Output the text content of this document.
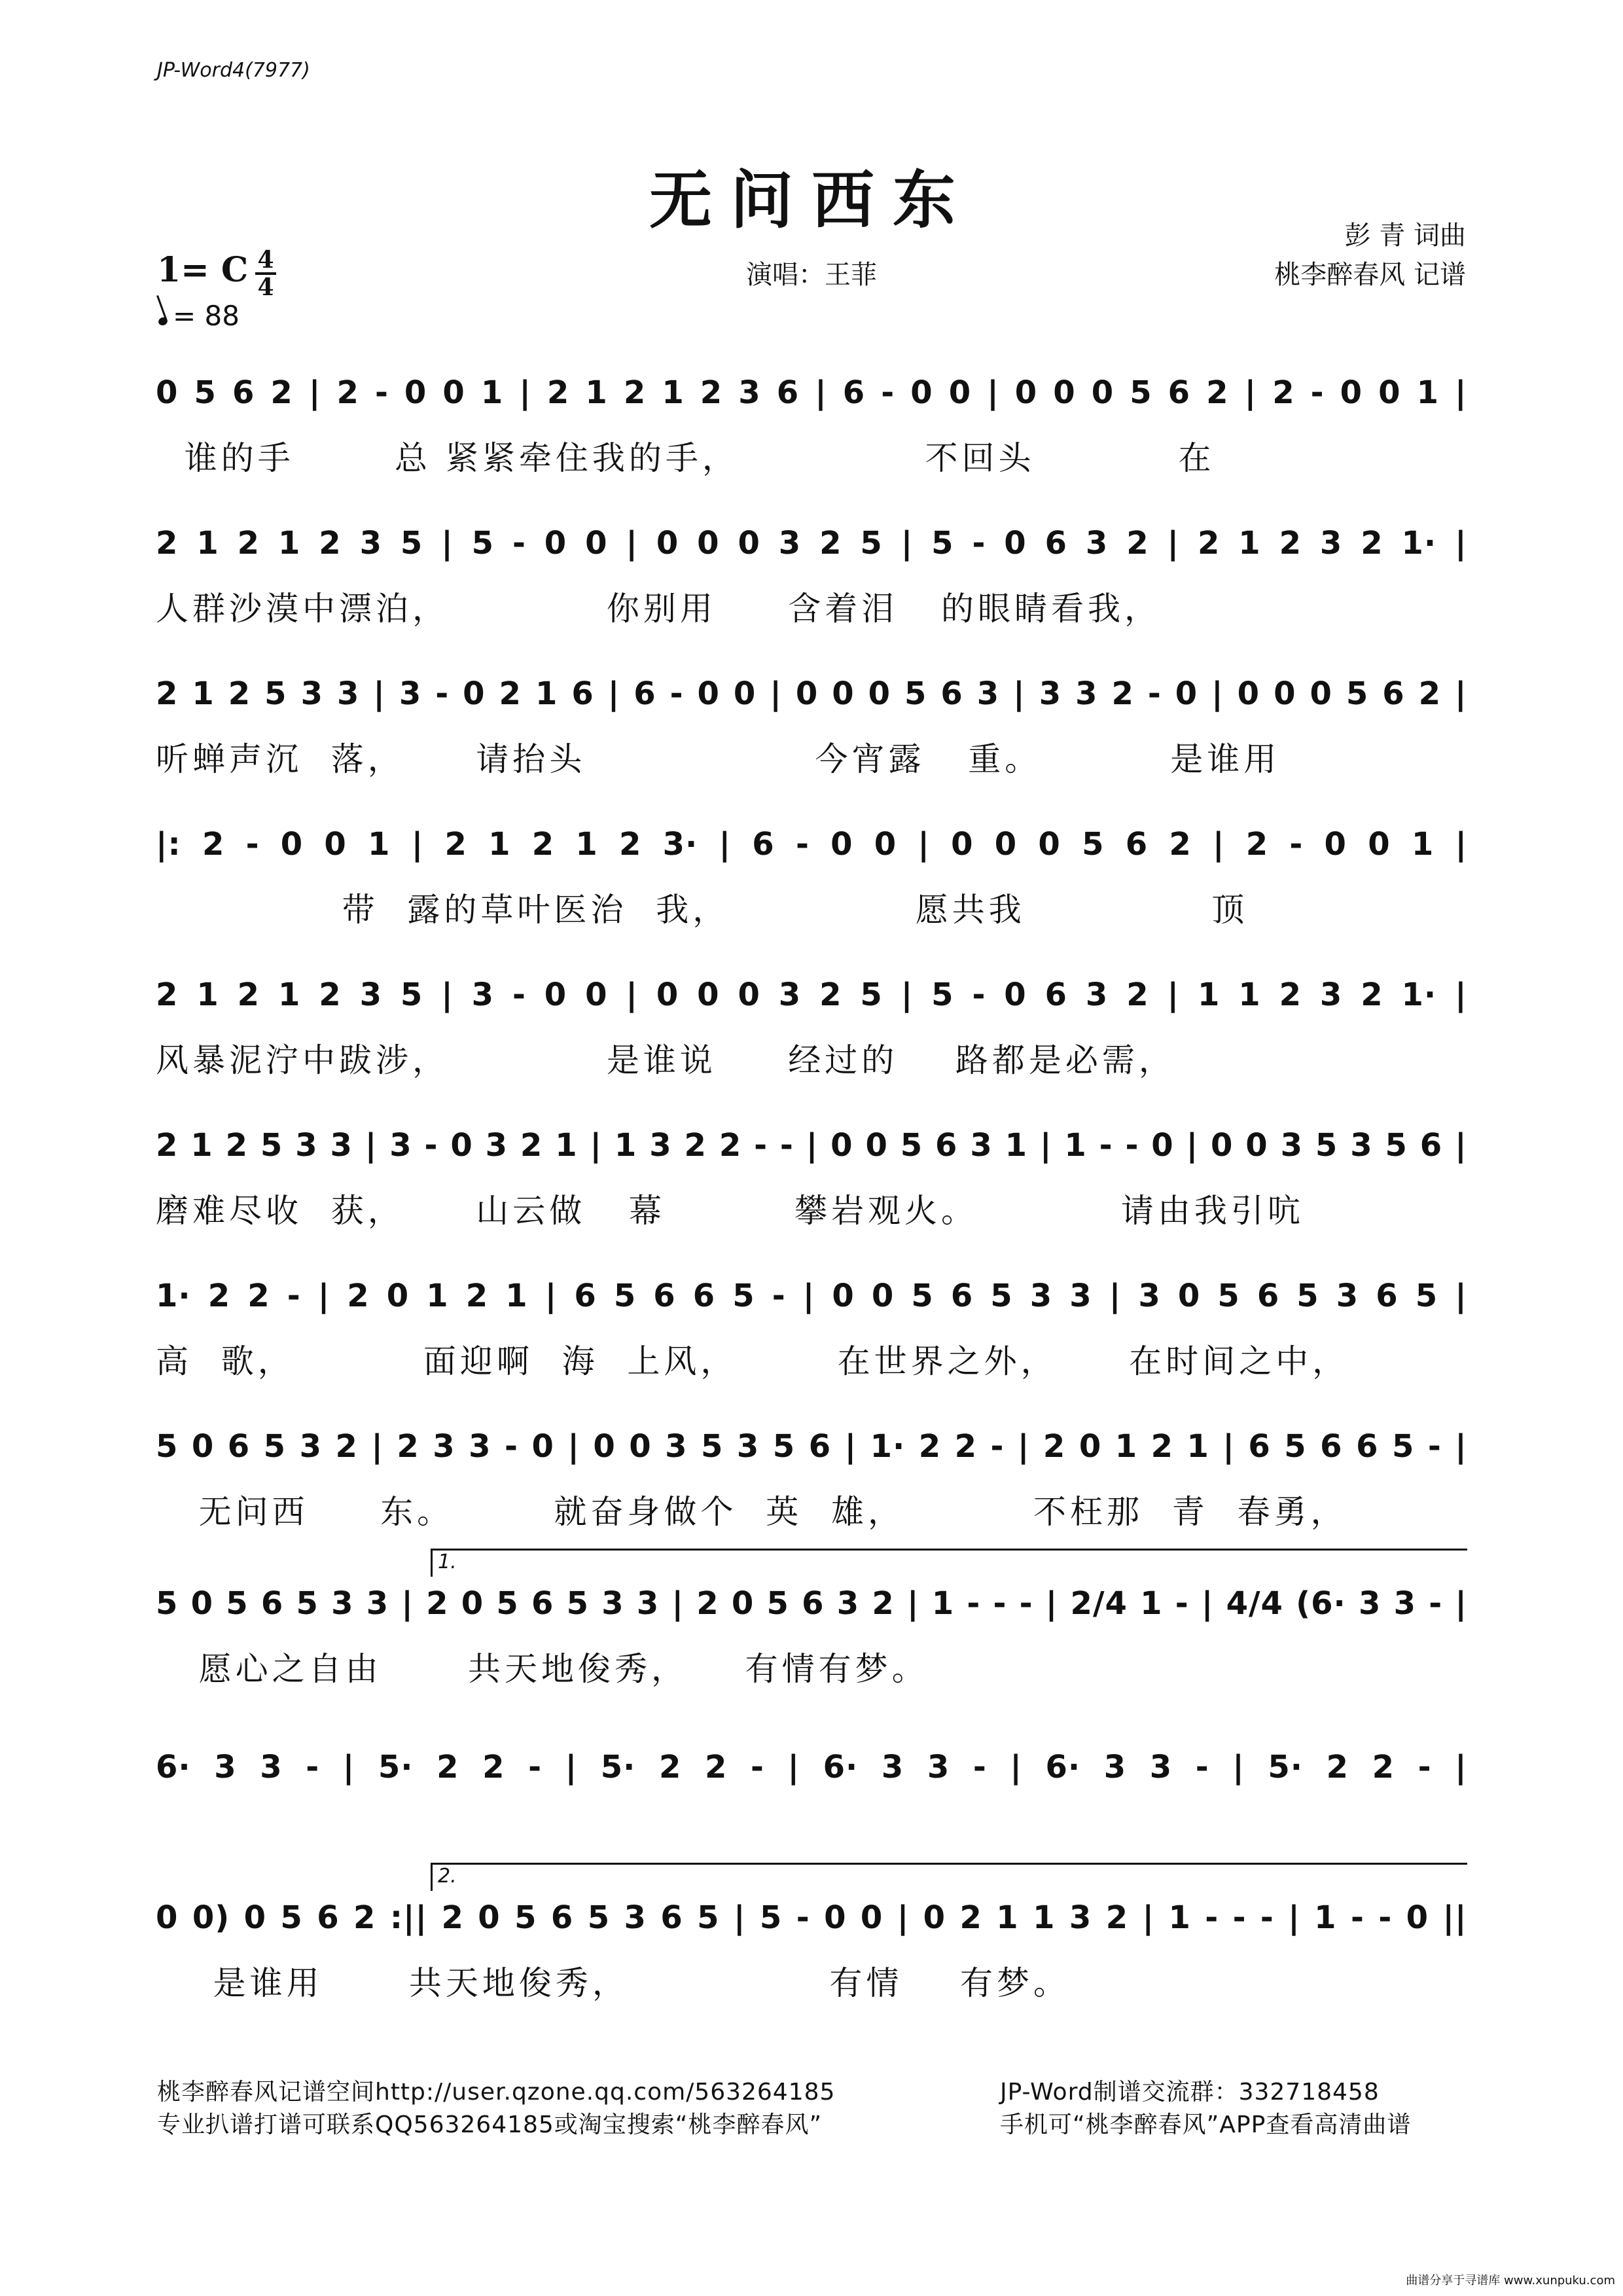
JP-Word4(7977)
无问西东
演唱：王菲
彭 青 词曲
桃李醉春风 记谱
1= C 4
4
= 88
0 5 6 2 | 2 - 0 0 1 | 2 1 2 1 2 3 6 | 6 - 0 0 | 0 0 0 5 6 2 | 2 - 0 0 1 |
谁的手       总 紧紧牵住我的手，             不回头          在
2 1 2 1 2 3 5 | 5 - 0 0 | 0 0 0 3 2 5 | 5 - 0 6 3 2 | 2 1 2 3 2 1· |
人群沙漠中漂泊，           你别用     含着泪   的眼睛看我，
2 1 2 5 3 3 | 3 - 0 2 1 6 | 6 - 0 0 | 0 0 0 5 6 3 | 3 3 2 - 0 | 0 0 0 5 6 2 |
听蝉声沉  落，     请抬头                今宵露   重。         是谁用
|: 2 - 0 0 1 | 2 1 2 1 2 3· | 6 - 0 0 | 0 0 0 5 6 2 | 2 - 0 0 1 |
带  露的草叶医治  我，             愿共我             顶
2 1 2 1 2 3 5 | 3 - 0 0 | 0 0 0 3 2 5 | 5 - 0 6 3 2 | 1 1 2 3 2 1· |
风暴泥泞中跋涉，           是谁说     经过的    路都是必需，
2 1 2 5 3 3 | 3 - 0 3 2 1 | 1 3 2 2 - - | 0 0 5 6 3 1 | 1 - - 0 | 0 0 3 5 3 5 6 |
磨难尽收  获，     山云做   幕         攀岩观火。          请由我引吭
1· 2 2 - | 2 0 1 2 1 | 6 5 6 6 5 - | 0 0 5 6 5 3 3 | 3 0 5 6 5 3 6 5 |
高  歌，         面迎啊  海  上风，       在世界之外，     在时间之中，
5 0 6 5 3 2 | 2 3 3 - 0 | 0 0 3 5 3 5 6 | 1· 2 2 - | 2 0 1 2 1 | 6 5 6 6 5 - |
无问西     东。       就奋身做个  英  雄，         不枉那  青  春勇，
5 0 5 6 5 3 3 | 2 0 5 6 5 3 3 | 2 0 5 6 3 2 | 1 - - - | 2/4 1 - | 4/4 (6· 3 3 - |
愿心之自由      共天地俊秀，    有情有梦。
1.
6· 3 3 - | 5· 2 2 - | 5· 2 2 - | 6· 3 3 - | 6· 3 3 - | 5· 2 2 - |
0 0) 0 5 6 2 :|| 2 0 5 6 5 3 6 5 | 5 - 0 0 | 0 2 1 1 3 2 | 1 - - - | 1 - - 0 ||
是谁用      共天地俊秀，              有情    有梦。
2.
桃李醉春风记谱空间http://user.qzone.qq.com/563264185
专业扒谱打谱可联系QQ563264185或淘宝搜索“桃李醉春风”
JP-Word制谱交流群：332718458
手机可“桃李醉春风”APP查看高清曲谱
曲谱分享于寻谱库 www.xunpuku.com
